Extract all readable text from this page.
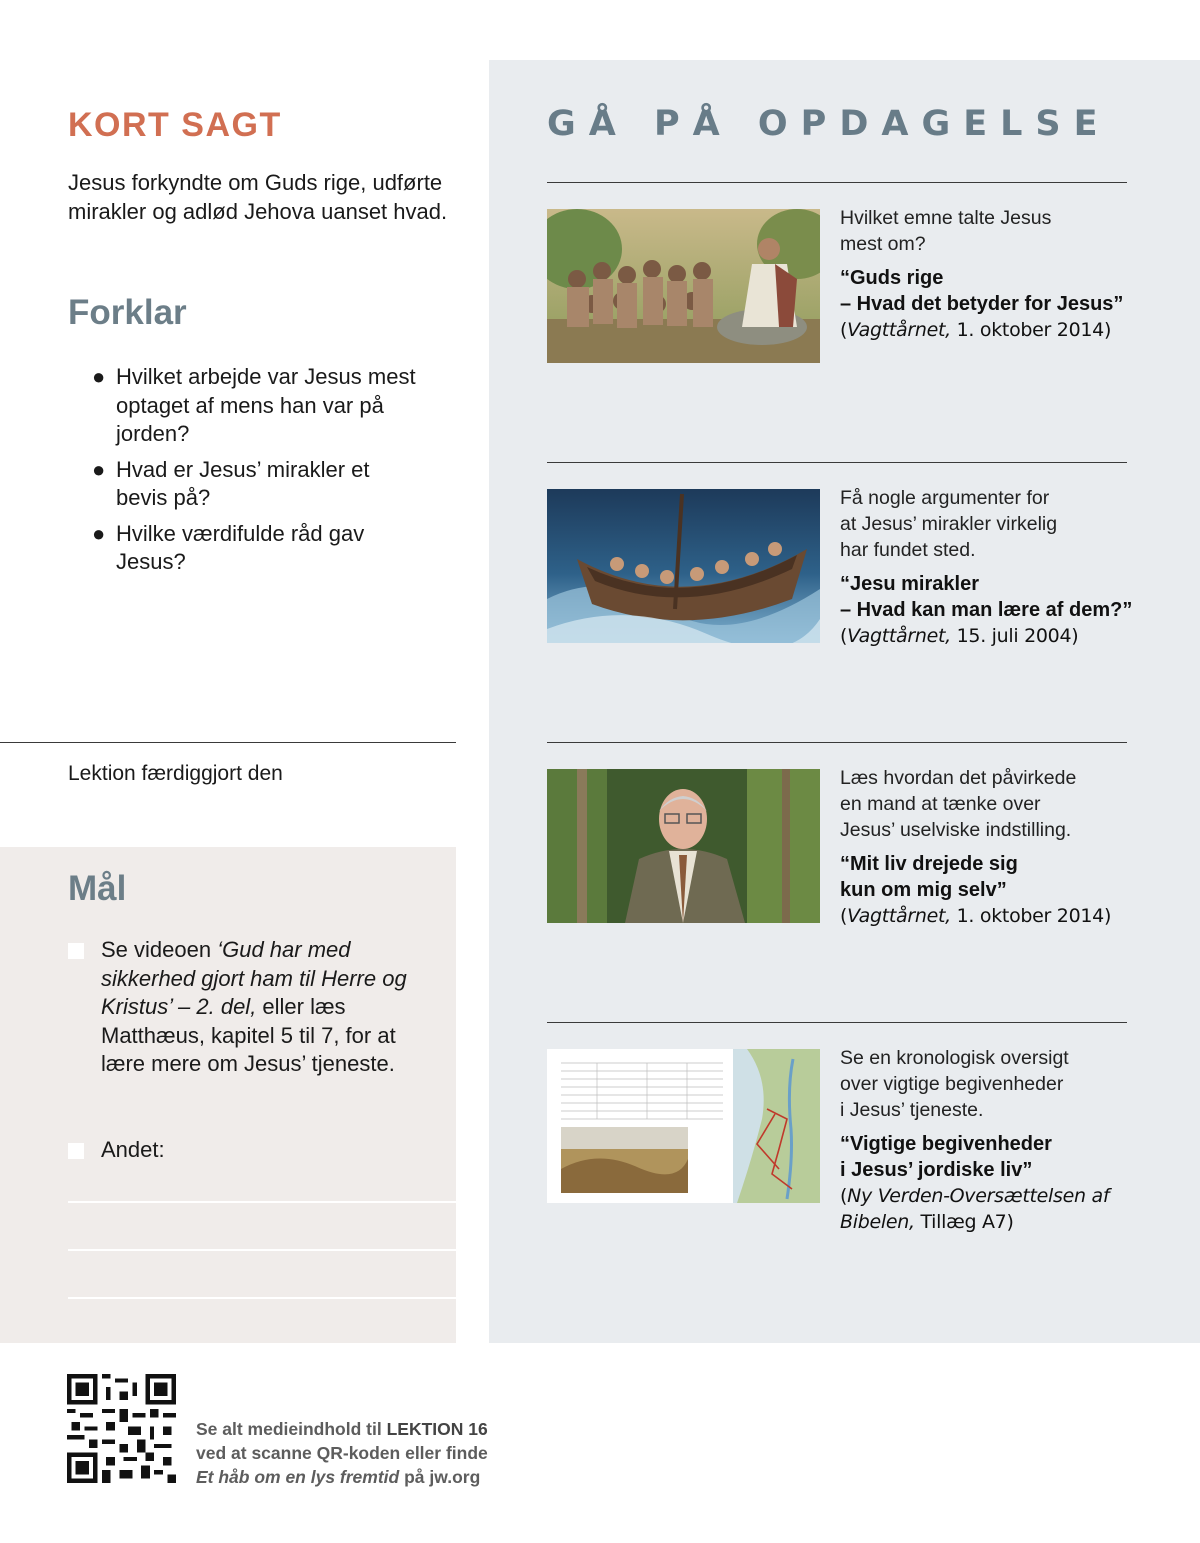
KORT SAGT

Jesus forkyndte om Guds rige, udførte mirakler og adlød Jehova uanset hvad.

Forklar
● Hvilket arbejde var Jesus mest optaget af mens han var på jorden?
● Hvad er Jesus’ mirakler et bevis på?
● Hvilke værdifulde råd gav Jesus?

Lektion færdiggjort den

Mål

Se videoen ‘Gud har med sikkerhed gjort ham til Herre og Kristus’ – 2. del, eller læs Matthæus, kapitel 5 til 7, for at lære mere om Jesus’ tjeneste.

Andet:

GÅ PÅ OPDAGELSE

Hvilket emne talte Jesus
mest om?

“Guds rige
– Hvad det betyder for Jesus”

(Vagttårnet, 1. oktober 2014)

Få nogle argumenter for
at Jesus’ mirakler virkelig
har fundet sted.

“Jesu mirakler
– Hvad kan man lære af dem?”

(Vagttårnet, 15. juli 2004)

Læs hvordan det påvirkede
en mand at tænke over
Jesus’ uselviske indstilling.

“Mit liv drejede sig
kun om mig selv”

(Vagttårnet, 1. oktober 2014)

Se en kronologisk oversigt
over vigtige begivenheder
i Jesus’ tjeneste.

“Vigtige begivenheder
i Jesus’ jordiske liv”

(Ny Verden-Oversættelsen af Bibelen, Tillæg A7)

Se alt medieindhold til LEKTION 16
ved at scanne QR-koden eller finde
Et håb om en lys fremtid på jw.org
